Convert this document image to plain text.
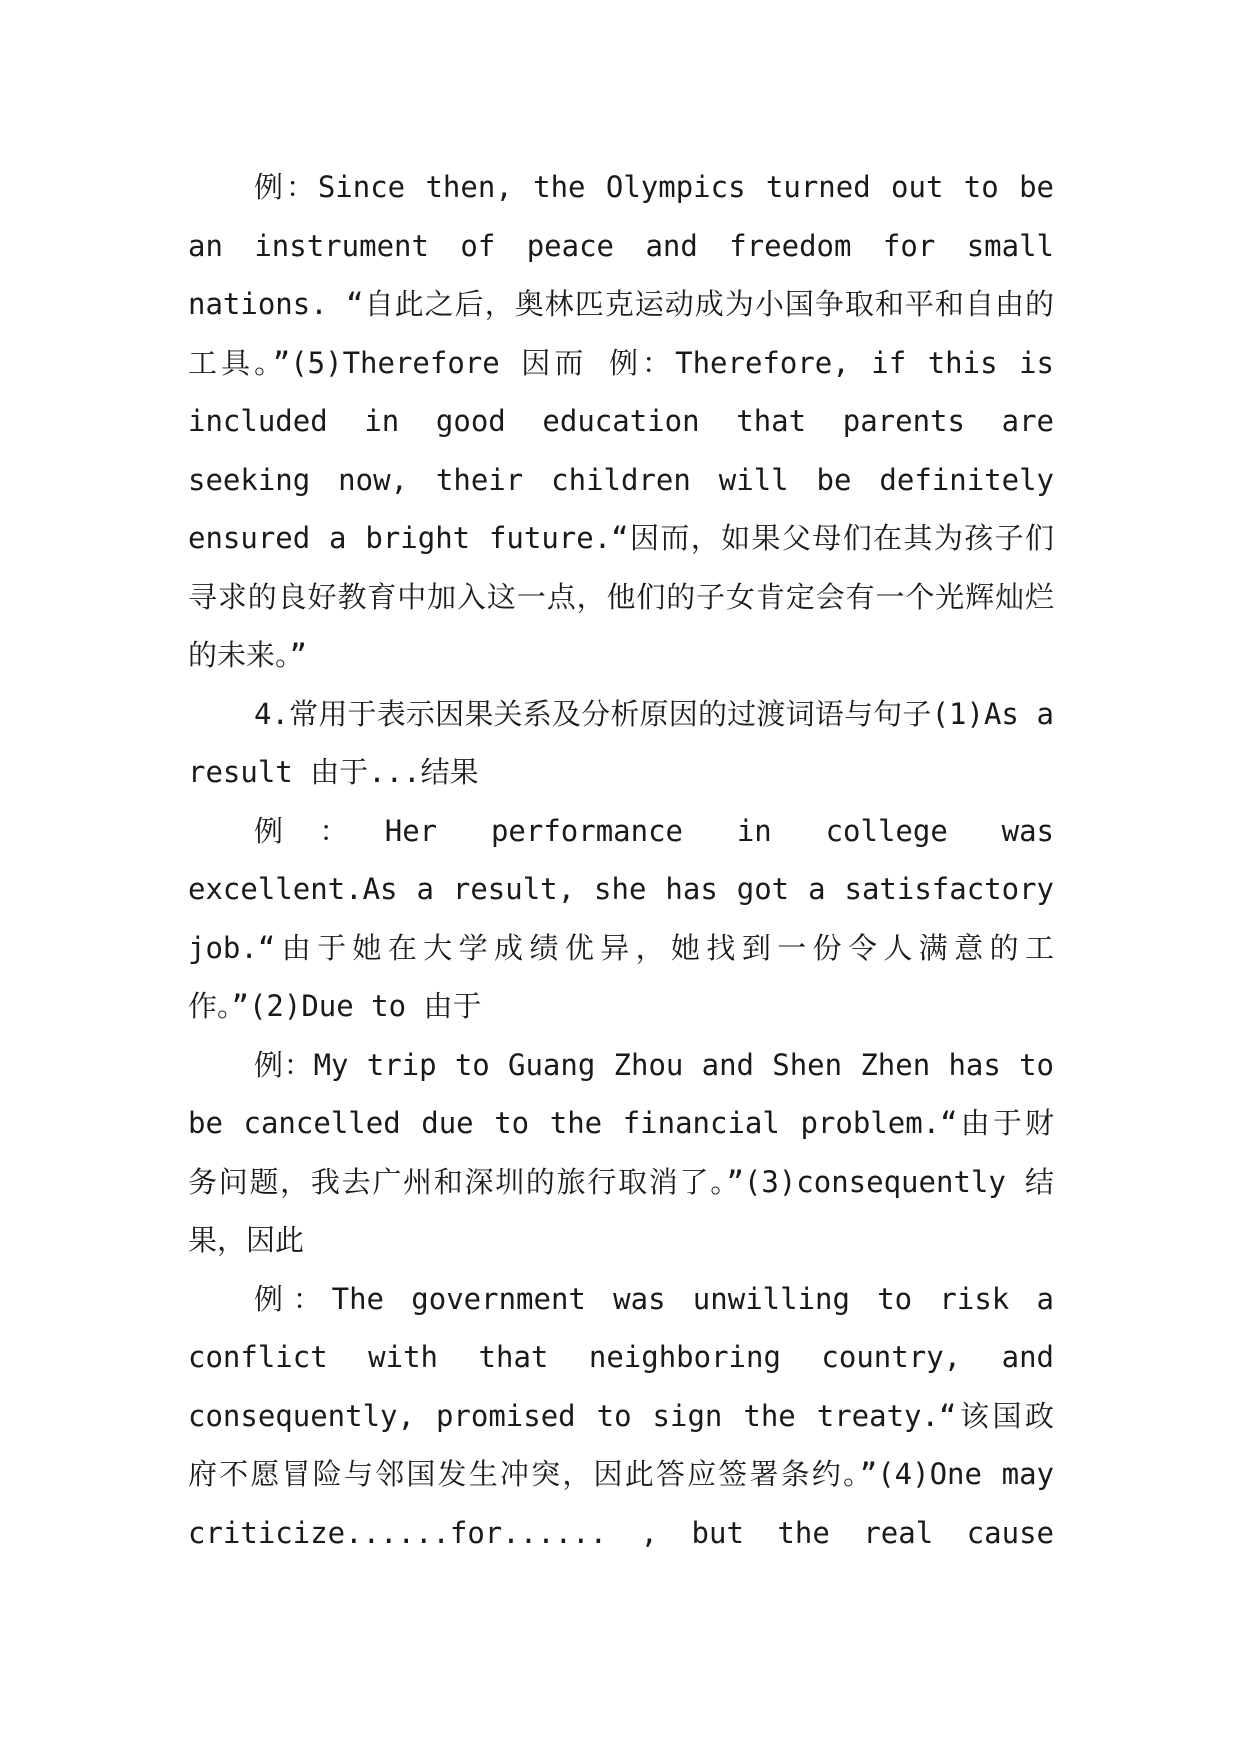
例：Since then, the Olympics turned out to be an instrument of peace and freedom for small nations. “自此之后，奥林匹克运动成为小国争取和平和自由的工具。”(5)Therefore 因而 例：Therefore, if this is included in good education that parents are seeking now, their children will be definitely ensured a bright future.“因而，如果父母们在其为孩子们寻求的良好教育中加入这一点，他们的子女肯定会有一个光辉灿烂的未来。”

4.常用于表示因果关系及分析原因的过渡词语与句子(1)As a result 由于...结果

例：Her performance in college was excellent.As a result, she has got a satisfactory job.“由于她在大学成绩优异，她找到一份令人满意的工作。”(2)Due to 由于

例：My trip to Guang Zhou and Shen Zhen has to be cancelled due to the financial problem.“由于财务问题，我去广州和深圳的旅行取消了。”(3)consequently 结果，因此

例：The government was unwilling to risk a conflict with that neighboring country, and consequently, promised to sign the treaty.“该国政府不愿冒险与邻国发生冲突，因此答应签署条约。”(4)One may criticize......for...... , but the real cause
